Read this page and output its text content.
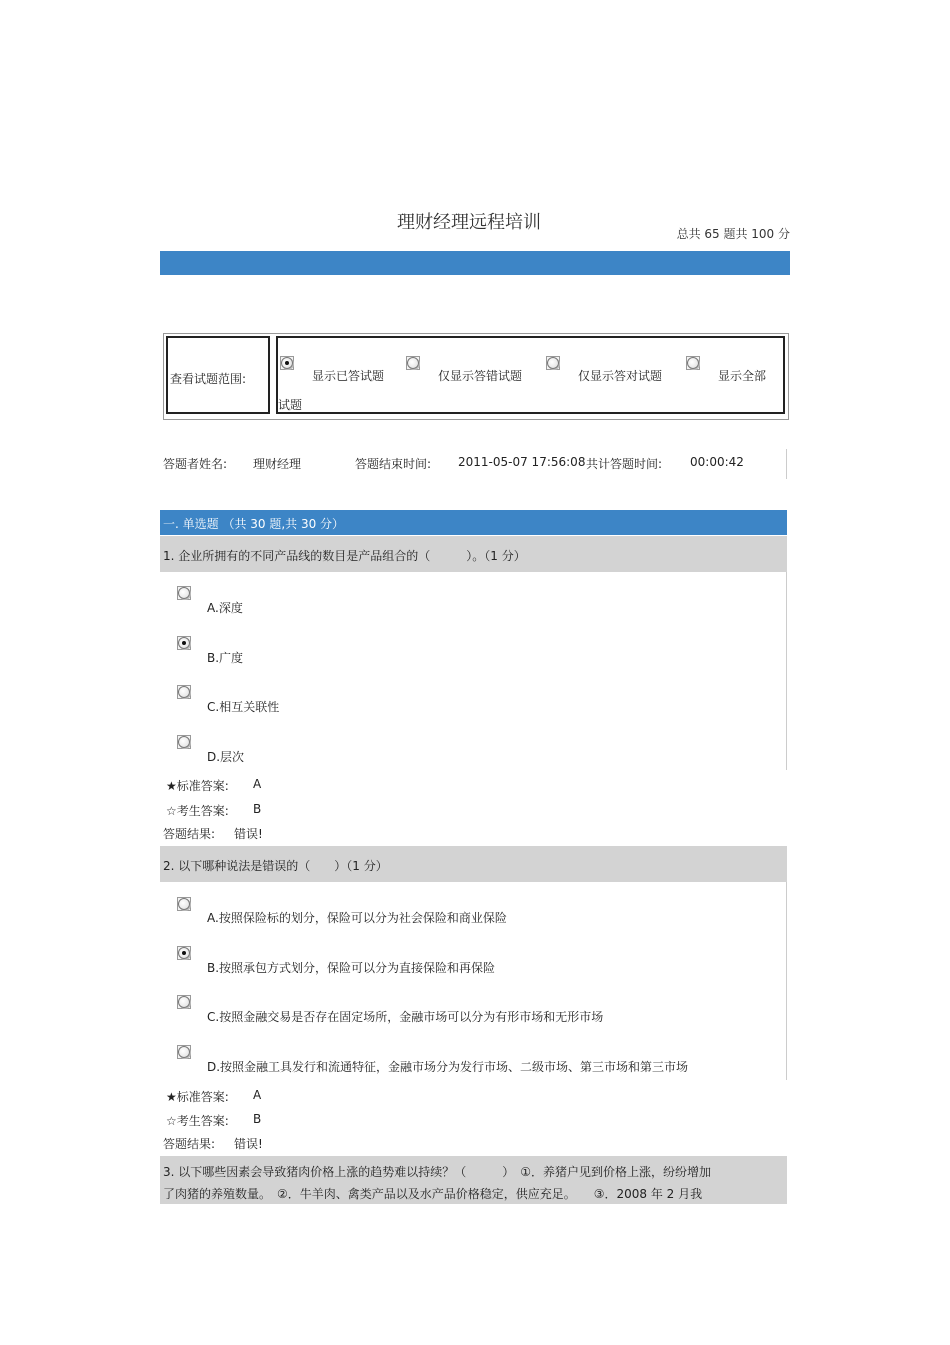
理财经理远程培训
总共 65 题共 100 分
查看试题范围:	显示已答试题	仅显示答错试题	仅显示答对试题	显示全部
试题
答题者姓名: 理财经理	答题结束时间: 2011-05-07 17:56:08 共计答题时间: 00:00:42
一. 单选题 （共 30 题,共 30 分）
1. 企业所拥有的不同产品线的数目是产品组合的（　　　）。（1 分）
A.深度
B.广度
C.相互关联性
D.层次
★标准答案: A
☆考生答案: B
答题结果: 错误!
2. 以下哪种说法是错误的（　　）（1 分）
A.按照保险标的划分，保险可以分为社会保险和商业保险
B.按照承包方式划分，保险可以分为直接保险和再保险
C.按照金融交易是否存在固定场所，金融市场可以分为有形市场和无形市场
D.按照金融工具发行和流通特征，金融市场分为发行市场、二级市场、第三市场和第三市场
★标准答案: A
☆考生答案: B
答题结果: 错误!
3. 以下哪些因素会导致猪肉价格上涨的趋势难以持续？（　　　）　①．养猪户见到价格上涨，纷纷增加
了肉猪的养殖数量。　②．牛羊肉、禽类产品以及水产品价格稳定，供应充足。　　③．2008 年 2 月我
